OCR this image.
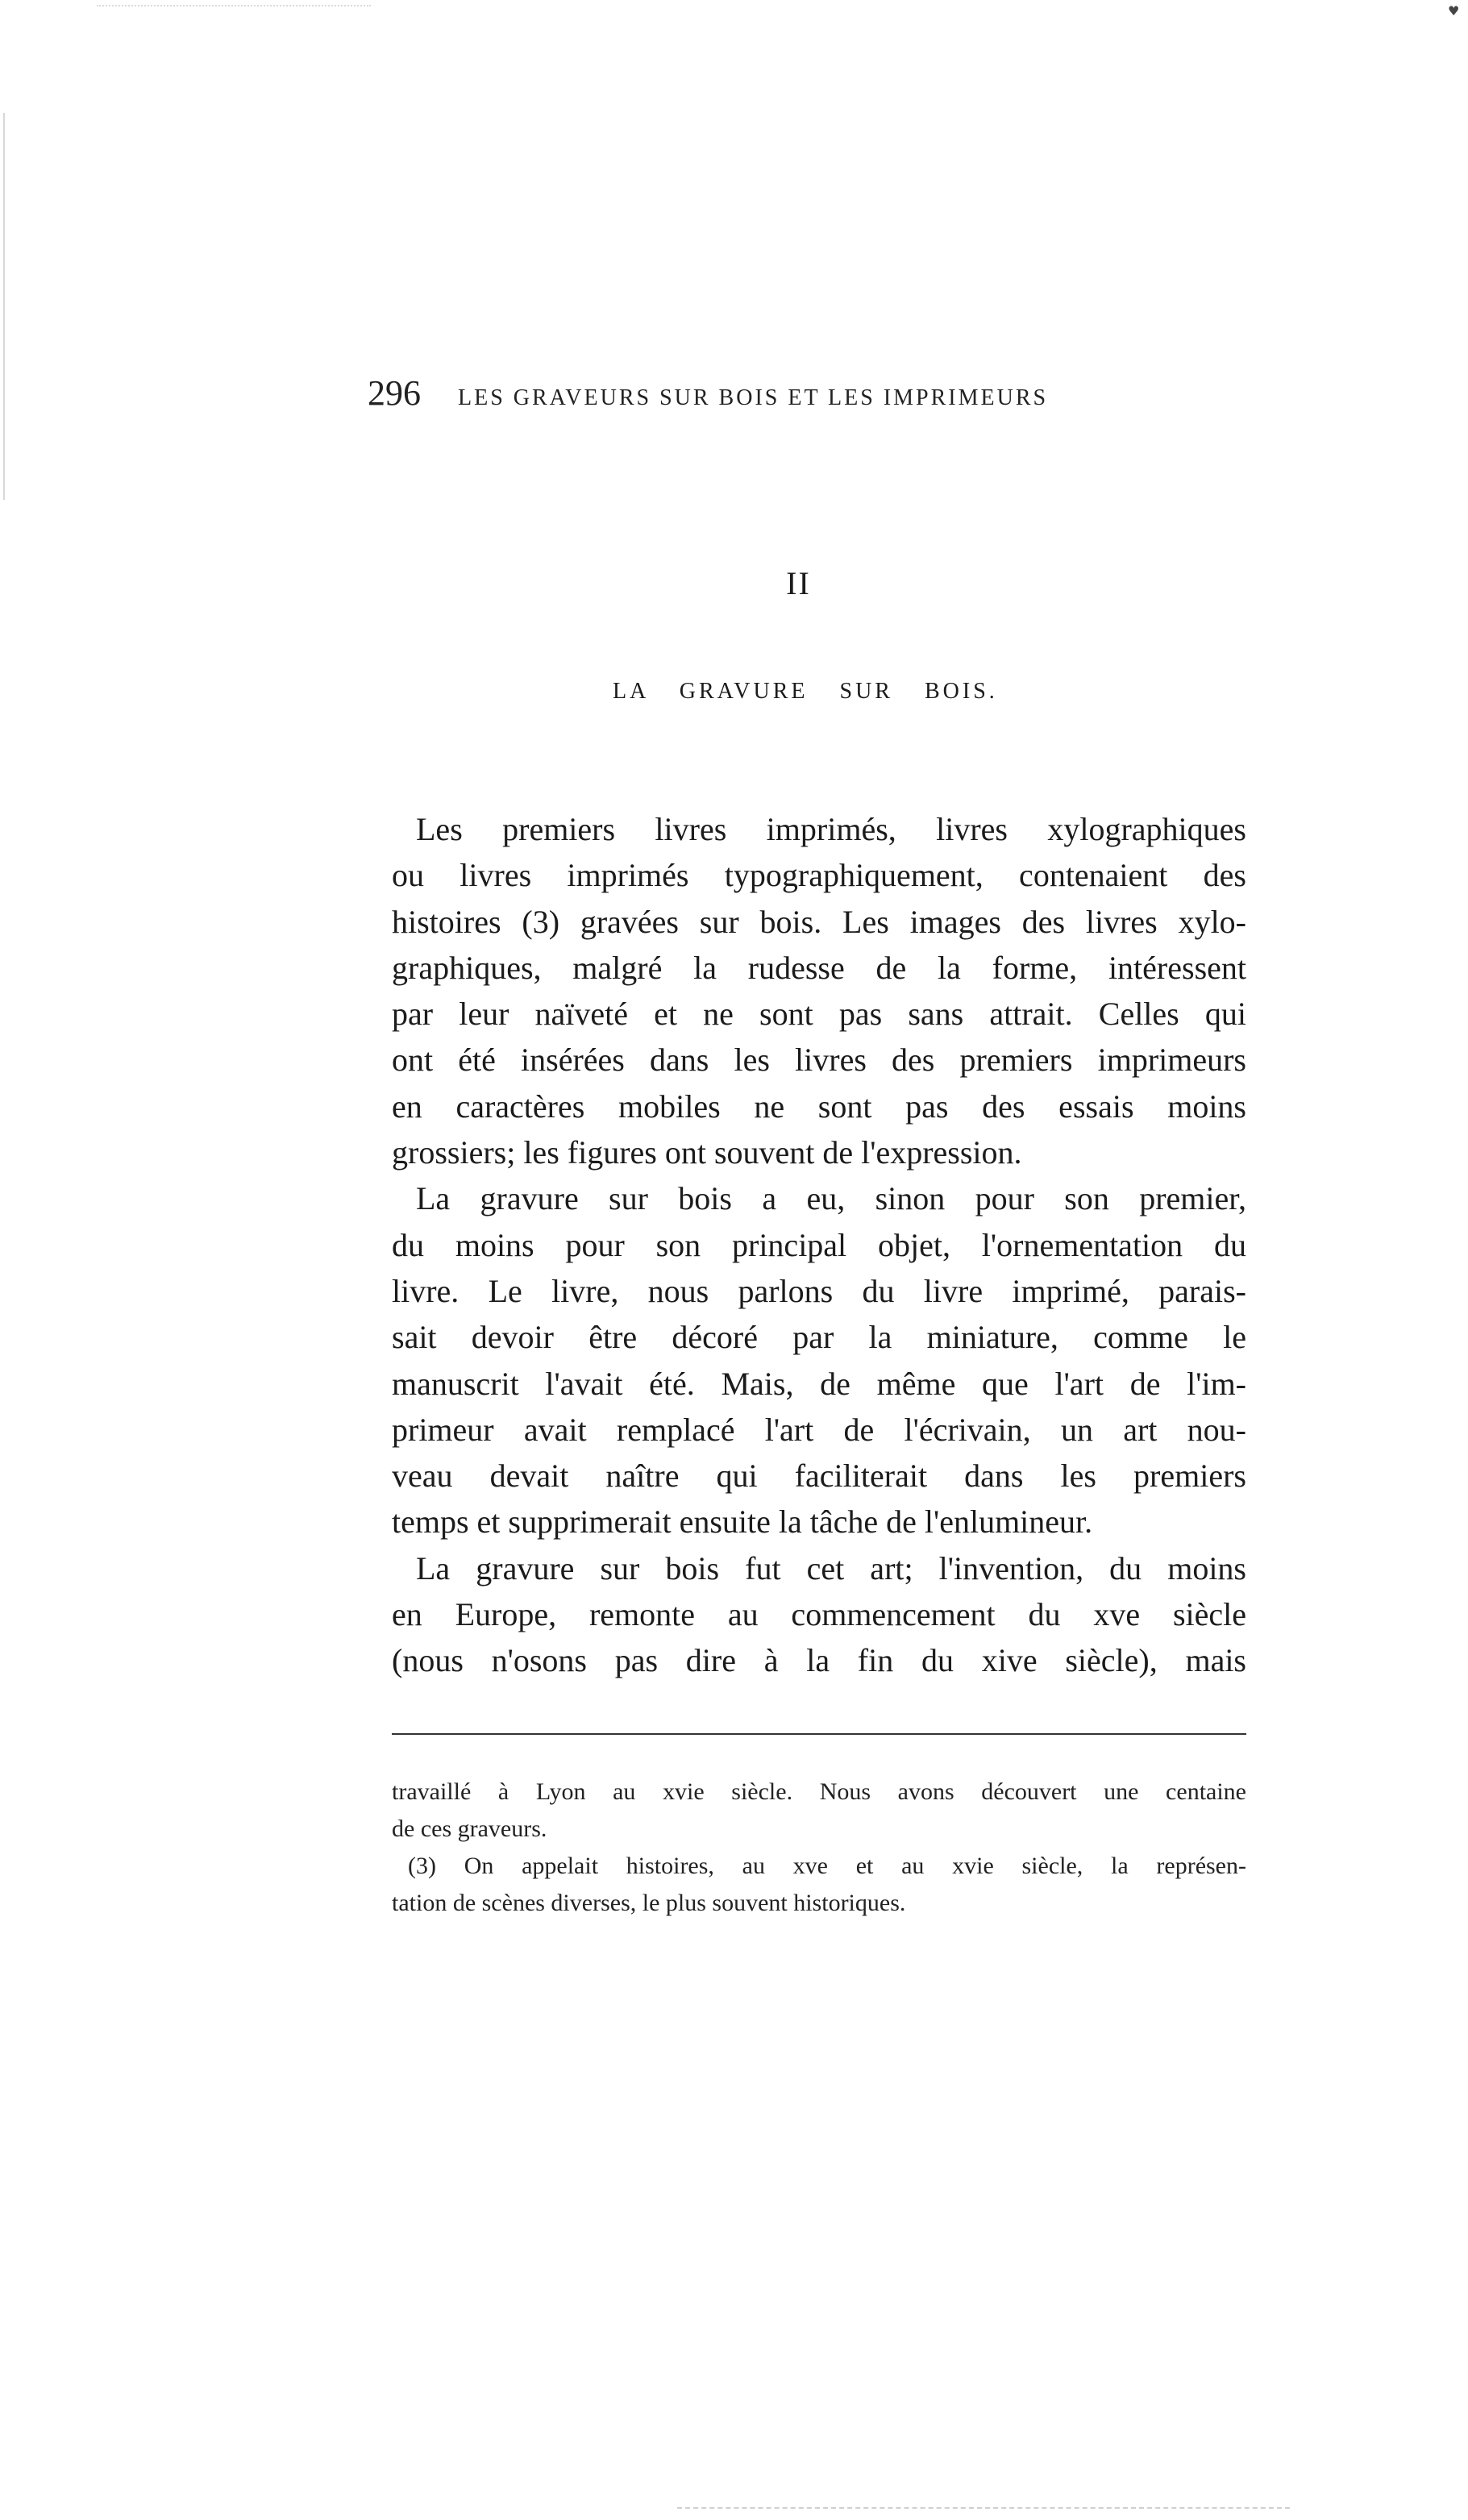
♥
296 LES GRAVEURS SUR BOIS ET LES IMPRIMEURS
II
LA GRAVURE SUR BOIS.
Les premiers livres imprimés, livres xylographiques
ou livres imprimés typographiquement, contenaient des
histoires (3) gravées sur bois. Les images des livres xylo-
graphiques, malgré la rudesse de la forme, intéressent
par leur naïveté et ne sont pas sans attrait. Celles qui
ont été insérées dans les livres des premiers imprimeurs
en caractères mobiles ne sont pas des essais moins
grossiers; les figures ont souvent de l'expression.
La gravure sur bois a eu, sinon pour son premier,
du moins pour son principal objet, l'ornementation du
livre. Le livre, nous parlons du livre imprimé, parais-
sait devoir être décoré par la miniature, comme le
manuscrit l'avait été. Mais, de même que l'art de l'im-
primeur avait remplacé l'art de l'écrivain, un art nou-
veau devait naître qui faciliterait dans les premiers
temps et supprimerait ensuite la tâche de l'enlumineur.
La gravure sur bois fut cet art; l'invention, du moins
en Europe, remonte au commencement du xve siècle
(nous n'osons pas dire à la fin du xive siècle), mais
travaillé à Lyon au xvie siècle. Nous avons découvert une centaine
de ces graveurs.
(3) On appelait histoires, au xve et au xvie siècle, la représen-
tation de scènes diverses, le plus souvent historiques.
